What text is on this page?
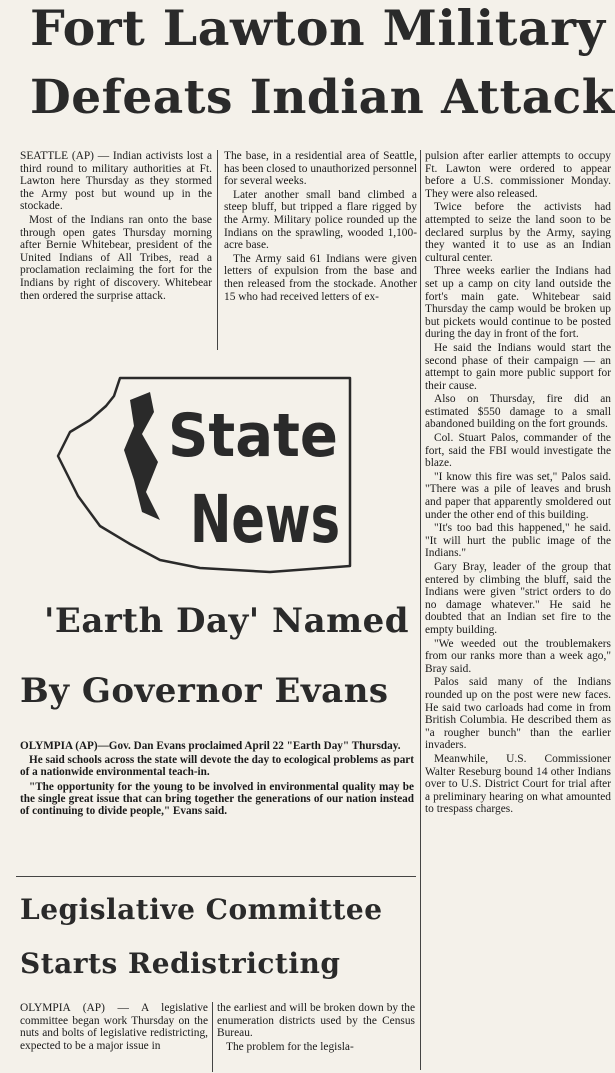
Fort Lawton Military
Defeats Indian Attack

SEATTLE (AP) — Indian activists lost a third round to military authorities at Ft. Lawton here Thursday as they stormed the Army post but wound up in the stockade.

Most of the Indians ran onto the base through open gates Thursday morning after Bernie Whitebear, president of the United Indians of All Tribes, read a proclamation reclaiming the fort for the Indians by right of discovery. Whitebear then ordered the surprise attack.

The base, in a residential area of Seattle, has been closed to unauthorized personnel for several weeks.

Later another small band climbed a steep bluff, but tripped a flare rigged by the Army. Military police rounded up the Indians on the sprawling, wooded 1,100-acre base.

The Army said 61 Indians were given letters of expulsion from the base and then released from the stockade. Another 15 who had received letters of ex-

pulsion after earlier attempts to occupy Ft. Lawton were ordered to appear before a U.S. commissioner Monday. They were also released.

Twice before the activists had attempted to seize the land soon to be declared surplus by the Army, saying they wanted it to use as an Indian cultural center.

Three weeks earlier the Indians had set up a camp on city land outside the fort's main gate. Whitebear said Thursday the camp would be broken up but pickets would continue to be posted during the day in front of the fort.

He said the Indians would start the second phase of their campaign — an attempt to gain more public support for their cause.

Also on Thursday, fire did an estimated $550 damage to a small abandoned building on the fort grounds.

Col. Stuart Palos, commander of the fort, said the FBI would investigate the blaze.

"I know this fire was set," Palos said. "There was a pile of leaves and brush and paper that apparently smoldered out under the other end of this building.

"It's too bad this happened," he said. "It will hurt the public image of the Indians."

Gary Bray, leader of the group that entered by climbing the bluff, said the Indians were given "strict orders to do no damage whatever." He said he doubted that an Indian set fire to the empty building.

"We weeded out the troublemakers from our ranks more than a week ago," Bray said.

Palos said many of the Indians rounded up on the post were new faces. He said two carloads had come in from British Columbia. He described them as "a rougher bunch" than the earlier invaders.

Meanwhile, U.S. Commissioner Walter Reseburg bound 14 other Indians over to U.S. District Court for trial after a preliminary hearing on what amounted to trespass charges.

State
News
'Earth Day' Named
By Governor Evans

OLYMPIA (AP)—Gov. Dan Evans proclaimed April 22 "Earth Day" Thursday.

He said schools across the state will devote the day to ecological problems as part of a nationwide environmental teach-in.

"The opportunity for the young to be involved in environmental quality may be the single great issue that can bring together the generations of our nation instead of continuing to divide people," Evans said.

Legislative Committee
Starts Redistricting

OLYMPIA (AP) — A legislative committee began work Thursday on the nuts and bolts of legislative redistricting, expected to be a major issue in

the earliest and will be broken down by the enumeration districts used by the Census Bureau.

The problem for the legisla-
